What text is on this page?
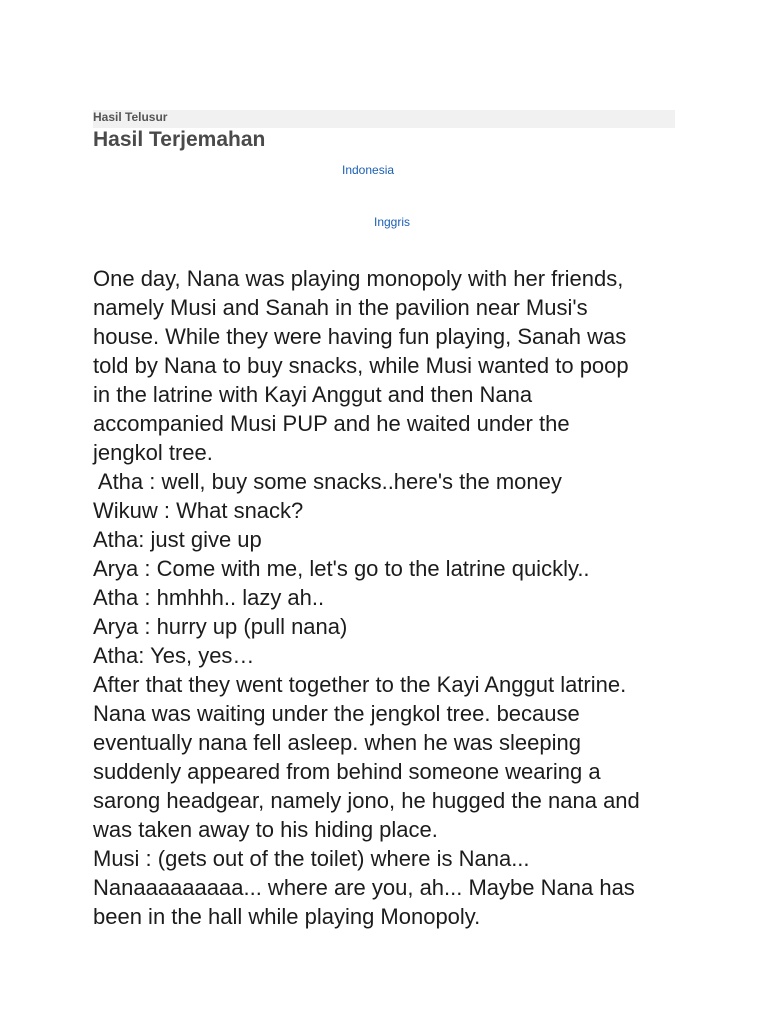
Hasil Telusur
Hasil Terjemahan
Indonesia
Inggris
One day, Nana was playing monopoly with her friends,
namely Musi and Sanah in the pavilion near Musi's
house. While they were having fun playing, Sanah was
told by Nana to buy snacks, while Musi wanted to poop
in the latrine with Kayi Anggut and then Nana
accompanied Musi PUP and he waited under the
jengkol tree.
Atha : well, buy some snacks..here's the money
Wikuw : What snack?
Atha: just give up
Arya : Come with me, let's go to the latrine quickly..
Atha : hmhhh.. lazy ah..
Arya : hurry up (pull nana)
Atha: Yes, yes…
After that they went together to the Kayi Anggut latrine.
Nana was waiting under the jengkol tree. because
eventually nana fell asleep. when he was sleeping
suddenly appeared from behind someone wearing a
sarong headgear, namely jono, he hugged the nana and
was taken away to his hiding place.
Musi : (gets out of the toilet) where is Nana...
Nanaaaaaaaaa... where are you, ah... Maybe Nana has
been in the hall while playing Monopoly.
